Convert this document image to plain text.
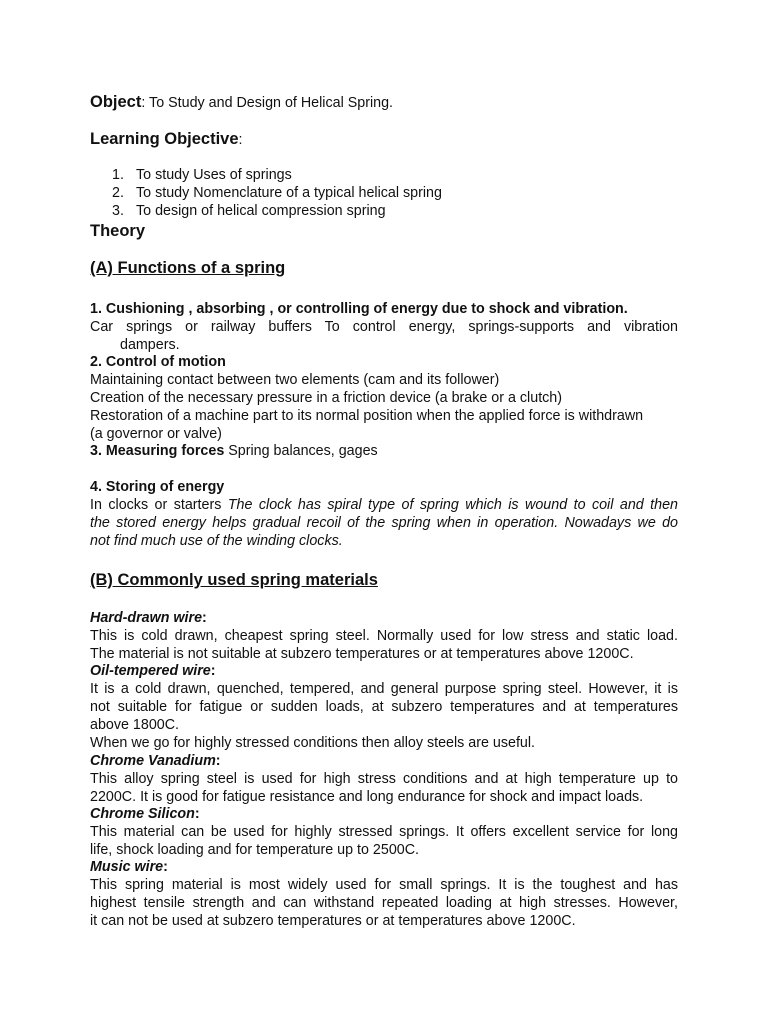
Object: To Study and Design of Helical Spring.
Learning Objective:
1. To study Uses of springs
2. To study Nomenclature of a typical helical spring
3. To design of helical compression spring
Theory
(A) Functions of a spring
1. Cushioning , absorbing , or controlling of energy due to shock and vibration.
Car springs or railway buffers To control energy, springs-supports and vibration
dampers.
2. Control of motion
Maintaining contact between two elements (cam and its follower)
Creation of the necessary pressure in a friction device (a brake or a clutch)
Restoration of a machine part to its normal position when the applied force is withdrawn
(a governor or valve)
3. Measuring forces Spring balances, gages
4. Storing of energy
In clocks or starters The clock has spiral type of spring which is wound to coil and then
the stored energy helps gradual recoil of the spring when in operation. Nowadays we do
not find much use of the winding clocks.
(B) Commonly used spring materials
Hard-drawn wire:
This is cold drawn, cheapest spring steel. Normally used for low stress and static load.
The material is not suitable at subzero temperatures or at temperatures above 1200C.
Oil-tempered wire:
It is a cold drawn, quenched, tempered, and general purpose spring steel. However, it is
not suitable for fatigue or sudden loads, at subzero temperatures and at temperatures
above 1800C.
When we go for highly stressed conditions then alloy steels are useful.
Chrome Vanadium:
This alloy spring steel is used for high stress conditions and at high temperature up to
2200C. It is good for fatigue resistance and long endurance for shock and impact loads.
Chrome Silicon:
This material can be used for highly stressed springs. It offers excellent service for long
life, shock loading and for temperature up to 2500C.
Music wire:
This spring material is most widely used for small springs. It is the toughest and has
highest tensile strength and can withstand repeated loading at high stresses. However,
it can not be used at subzero temperatures or at temperatures above 1200C.
